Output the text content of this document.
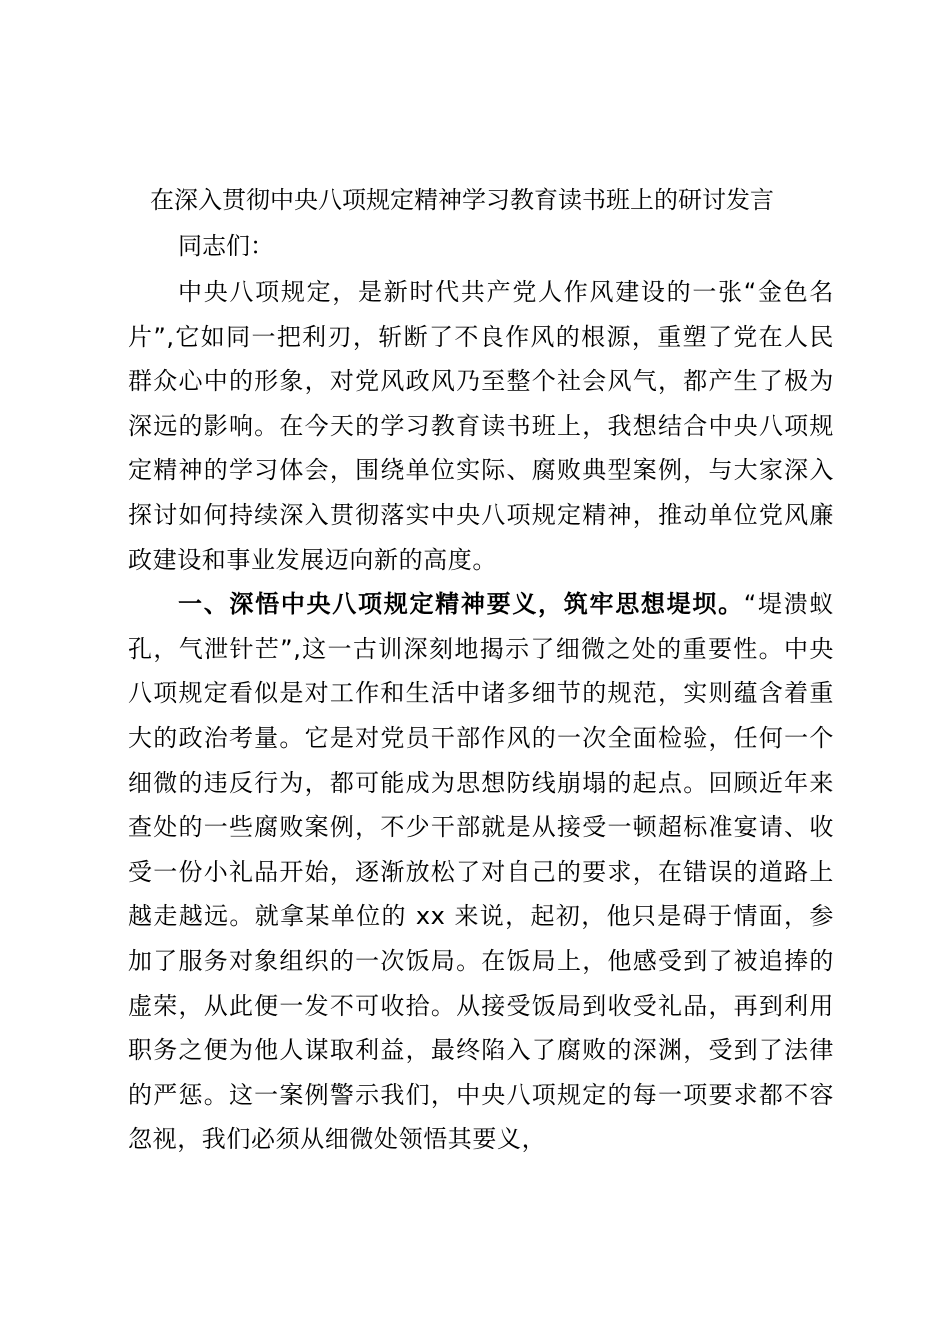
在深入贯彻中央八项规定精神学习教育读书班上的研讨发言
同志们：

中央八项规定，是新时代共产党人作风建设的一张“金色名片”,它如同一把利刃，斩断了不良作风的根源，重塑了党在人民群众心中的形象，对党风政风乃至整个社会风气，都产生了极为深远的影响。在今天的学习教育读书班上，我想结合中央八项规定精神的学习体会，围绕单位实际、腐败典型案例，与大家深入探讨如何持续深入贯彻落实中央八项规定精神，推动单位党风廉政建设和事业发展迈向新的高度。

一、深悟中央八项规定精神要义，筑牢思想堤坝。“堤溃蚁孔，气泄针芒”,这一古训深刻地揭示了细微之处的重要性。中央八项规定看似是对工作和生活中诸多细节的规范，实则蕴含着重大的政治考量。它是对党员干部作风的一次全面检验，任何一个细微的违反行为，都可能成为思想防线崩塌的起点。回顾近年来查处的一些腐败案例，不少干部就是从接受一顿超标准宴请、收受一份小礼品开始，逐渐放松了对自己的要求，在错误的道路上越走越远。就拿某单位的 xx 来说，起初，他只是碍于情面，参加了服务对象组织的一次饭局。在饭局上，他感受到了被追捧的虚荣，从此便一发不可收拾。从接受饭局到收受礼品，再到利用职务之便为他人谋取利益，最终陷入了腐败的深渊，受到了法律的严惩。这一案例警示我们，中央八项规定的每一项要求都不容忽视，我们必须从细微处领悟其要义，
